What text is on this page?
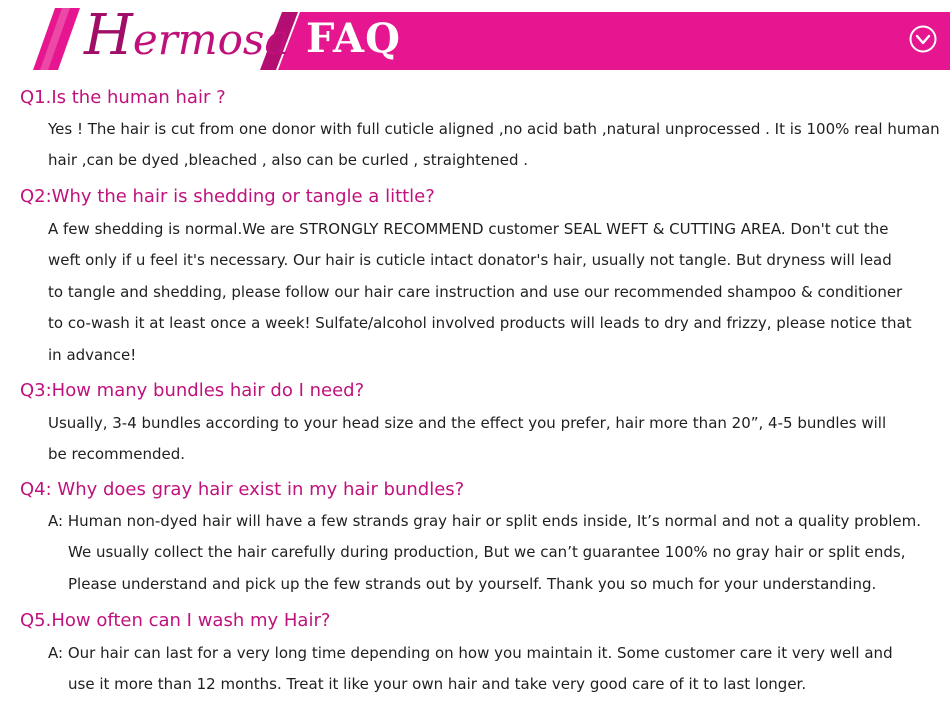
Hermosa FAQ
Q1.Is the human hair ?
Yes ! The hair is cut from one donor with full cuticle aligned ,no acid bath ,natural unprocessed . It is 100% real human
hair ,can be dyed ,bleached , also can be curled , straightened .
Q2:Why the hair is shedding or tangle a little?
A few shedding is normal.We are STRONGLY RECOMMEND customer SEAL WEFT & CUTTING AREA. Don't cut the
weft only if u feel it's necessary. Our hair is cuticle intact donator's hair, usually not tangle. But dryness will lead
to tangle and shedding, please follow our hair care instruction and use our recommended shampoo & conditioner
to co-wash it at least once a week! Sulfate/alcohol involved products will leads to dry and frizzy, please notice that
in advance!
Q3:How many bundles hair do I need?
Usually, 3-4 bundles according to your head size and the effect you prefer, hair more than 20”, 4-5 bundles will
be recommended.
Q4: Why does gray hair exist in my hair bundles?
A: Human non-dyed hair will have a few strands gray hair or split ends inside, It’s normal and not a quality problem.
We usually collect the hair carefully during production, But we can’t guarantee 100% no gray hair or split ends,
Please understand and pick up the few strands out by yourself. Thank you so much for your understanding.
Q5.How often can I wash my Hair?
A: Our hair can last for a very long time depending on how you maintain it. Some customer care it very well and
use it more than 12 months. Treat it like your own hair and take very good care of it to last longer.
